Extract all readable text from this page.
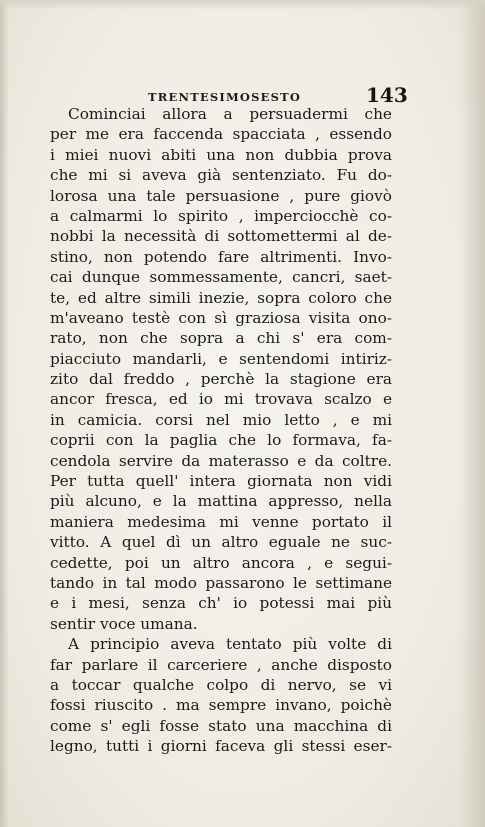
TRENTESIMOSESTO	143
Cominciai allora a persuadermi che
per me era faccenda spacciata , essendo
i miei nuovi abiti una non dubbia prova
che mi si aveva già sentenziato. Fu do-
lorosa una tale persuasione , pure giovò
a calmarmi lo spirito , imperciocchè co-
nobbi la necessità di sottomettermi al de-
stino, non potendo fare altrimenti. Invo-
cai dunque sommessamente, cancri, saet-
te, ed altre simili inezie, sopra coloro che
m'aveano testè con sì graziosa visita ono-
rato, non che sopra a chi s' era com-
piacciuto mandarli, e sentendomi intiriz-
zito dal freddo , perchè la stagione era
ancor fresca, ed io mi trovava scalzo e
in camicia. corsi nel mio letto , e mi
coprii con la paglia che lo formava, fa-
cendola servire da materasso e da coltre.
Per tutta quell' intera giornata non vidi
più alcuno, e la mattina appresso, nella
maniera medesima mi venne portato il
vitto. A quel dì un altro eguale ne suc-
cedette, poi un altro ancora , e segui-
tando in tal modo passarono le settimane
e i mesi, senza ch' io potessi mai più
sentir voce umana.
A principio aveva tentato più volte di
far parlare il carceriere , anche disposto
a toccar qualche colpo di nervo, se vi
fossi riuscito . ma sempre invano, poichè
come s' egli fosse stato una macchina di
legno, tutti i giorni faceva gli stessi eser-
